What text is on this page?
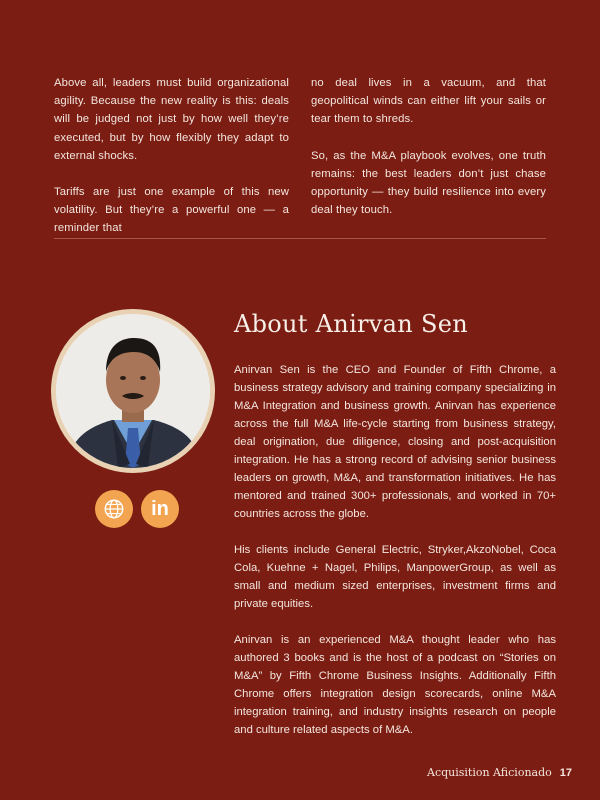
Above all, leaders must build organizational agility. Because the new reality is this: deals will be judged not just by how well they’re executed, but by how flexibly they adapt to external shocks.

Tariffs are just one example of this new volatility. But they’re a powerful one — a reminder that

no deal lives in a vacuum, and that geopolitical winds can either lift your sails or tear them to shreds.

So, as the M&A playbook evolves, one truth remains: the best leaders don’t just chase opportunity — they build resilience into every deal they touch.

in
About Anirvan Sen

Anirvan Sen is the CEO and Founder of Fifth Chrome, a business strategy advisory and training company specializing in M&A Integration and business growth. Anirvan has experience across the full M&A life-cycle starting from business strategy, deal origination, due diligence, closing and post-acquisition integration. He has a strong record of advising senior business leaders on growth, M&A, and transformation initiatives. He has mentored and trained 300+ professionals, and worked in 70+ countries across the globe.

His clients include General Electric, Stryker,AkzoNobel, Coca Cola, Kuehne + Nagel, Philips, ManpowerGroup, as well as small and medium sized enterprises, investment firms and private equities.

Anirvan is an experienced M&A thought leader who has authored 3 books and is the host of a podcast on “Stories on M&A” by Fifth Chrome Business Insights. Additionally Fifth Chrome offers integration design scorecards, online M&A integration training, and industry insights research on people and culture related aspects of M&A.

Acquisition Aficionado 17
